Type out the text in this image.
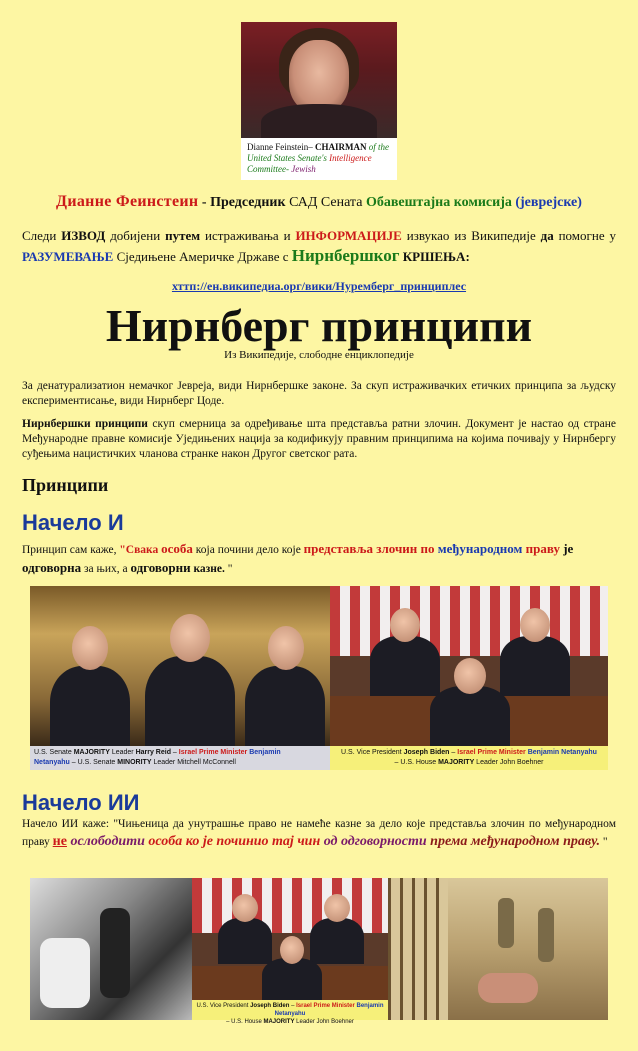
Dianne Feinstein– CHAIRMAN of the
United States Senate's Intelligence
Committee- Jewish
Дианне Феинстеин - Председник САД Сената Обавештајна комисија (јеврејске)
Следи ИЗВОД добијени путем истраживања и ИНФОРМАЦИЈЕ извукао из Википедије да помогне у РАЗУМЕВАЊЕ Сједињене Америчке Државе с Нирнбершког КРШЕЊА:
хттп://ен.википедиа.орг/вики/Нуремберг_принциплес
Нирнберг принципи
Из Википедије, слободне енциклопедије
За денатурализатион немачког Јевреја, види Нирнбершке законе. За скуп истраживачких етичких принципа за људску експериментисање, види Нирнберг Цоде.
Нирнбершки принципи скуп смерница за одређивање шта представља ратни злочин. Документ је настао од стране Међународне правне комисије Уједињених нација за кодификују правним принципима на којима почивају у Нирнбергу суђењима нацистичких чланова странке након Другог светског рата.
Принципи
Начело И
Принцип сам каже, "Свака особа која почини дело које представља злочин по међународном праву је
одговорна за њих, а одговорни казне. "
U.S. Senate MAJORITY Leader Harry Reid – Israel Prime Minister Benjamin
Netanyahu – U.S. Senate MINORITY Leader Mitchell McConnell
U.S. Vice President Joseph Biden – Israel Prime Minister Benjamin Netanyahu
– U.S. House MAJORITY Leader John Boehner
Начело ИИ
Начело ИИ каже: "Чињеница да унутрашње право не намеће казне за дело које представља злочин по међународном праву не ослободити особа ко је починио тај чин од одговорности према међународном праву. "
U.S. Vice President Joseph Biden – Israel Prime Minister Benjamin Netanyahu
– U.S. House MAJORITY Leader John Boehner
